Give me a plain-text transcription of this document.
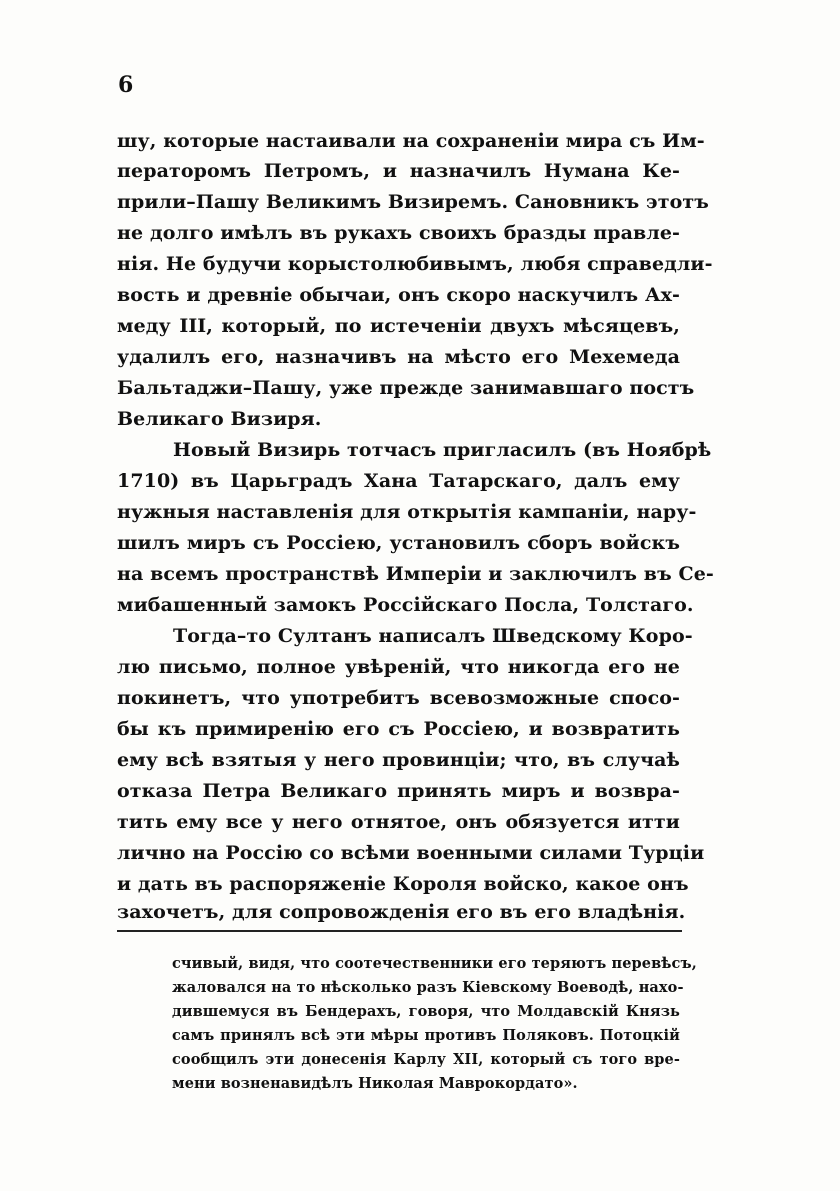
6
шу, которые настаивали на сохраненіи мира съ Им-
ператоромъ Петромъ, и назначилъ Нумана Ке-
прили–Пашу Великимъ Визиремъ. Сановникъ этотъ
не долго имѣлъ въ рукахъ своихъ бразды правле-
нія. Не будучи корыстолюбивымъ, любя справедли-
вость и древніе обычаи, онъ скоро наскучилъ Ах-
меду III, который, по истеченіи двухъ мѣсяцевъ,
удалилъ его, назначивъ на мѣсто его Мехемеда
Бальтаджи–Пашу, уже прежде занимавшаго постъ
Великаго Визиря.
Новый Визирь тотчасъ пригласилъ (въ Ноябрѣ
1710) въ Царьградъ Хана Татарскаго, далъ ему
нужныя наставленія для открытія кампаніи, нару-
шилъ миръ съ Россіею, установилъ сборъ войскъ
на всемъ пространствѣ Имперіи и заключилъ въ Се-
мибашенный замокъ Россійскаго Посла, Толстаго.
Тогда–то Султанъ написалъ Шведскому Коро-
лю письмо, полное увѣреній, что никогда его не
покинетъ, что употребитъ всевозможные спосо-
бы къ примиренію его съ Россіею, и возвратить
ему всѣ взятыя у него провинціи; что, въ случаѣ
отказа Петра Великаго принять миръ и возвра-
тить ему все у него отнятое, онъ обязуется итти
лично на Россію со всѣми военными силами Турціи
и дать въ распоряженіе Короля войско, какое онъ
захочетъ, для сопровожденія его въ его владѣнія.
счивый, видя, что соотечественники его теряютъ перевѣсъ,
жаловался на то нѣсколько разъ Кіевскому Воеводѣ, нахо-
дившемуся въ Бендерахъ, говоря, что Молдавскій Князь
самъ принялъ всѣ эти мѣры противъ Поляковъ. Потоцкій
сообщилъ эти донесенія Карлу XII, который съ того вре-
мени возненавидѣлъ Николая Маврокордато».
